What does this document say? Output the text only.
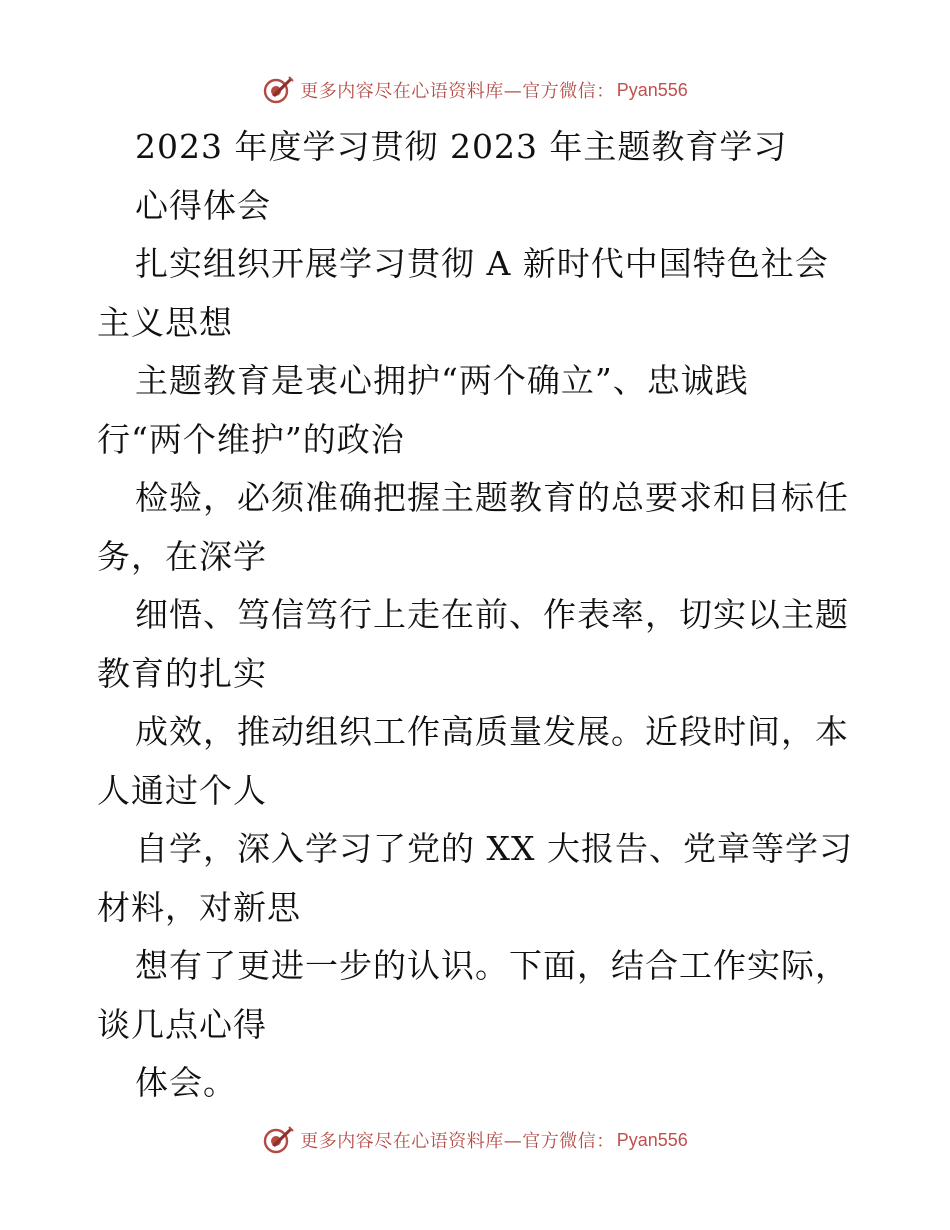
更多内容尽在心语资料库—官方微信： Pyan556
2023 年度学习贯彻 2023 年主题教育学习
心得体会
扎实组织开展学习贯彻 A 新时代中国特色社会
主义思想
主题教育是衷心拥护“两个确立”、忠诚践
行“两个维护”的政治
检验，必须准确把握主题教育的总要求和目标任
务，在深学
细悟、笃信笃行上走在前、作表率，切实以主题
教育的扎实
成效，推动组织工作高质量发展。近段时间，本
人通过个人
自学，深入学习了党的 XX 大报告、党章等学习
材料，对新思
想有了更进一步的认识。下面，结合工作实际，
谈几点心得
体会。
更多内容尽在心语资料库—官方微信： Pyan556
